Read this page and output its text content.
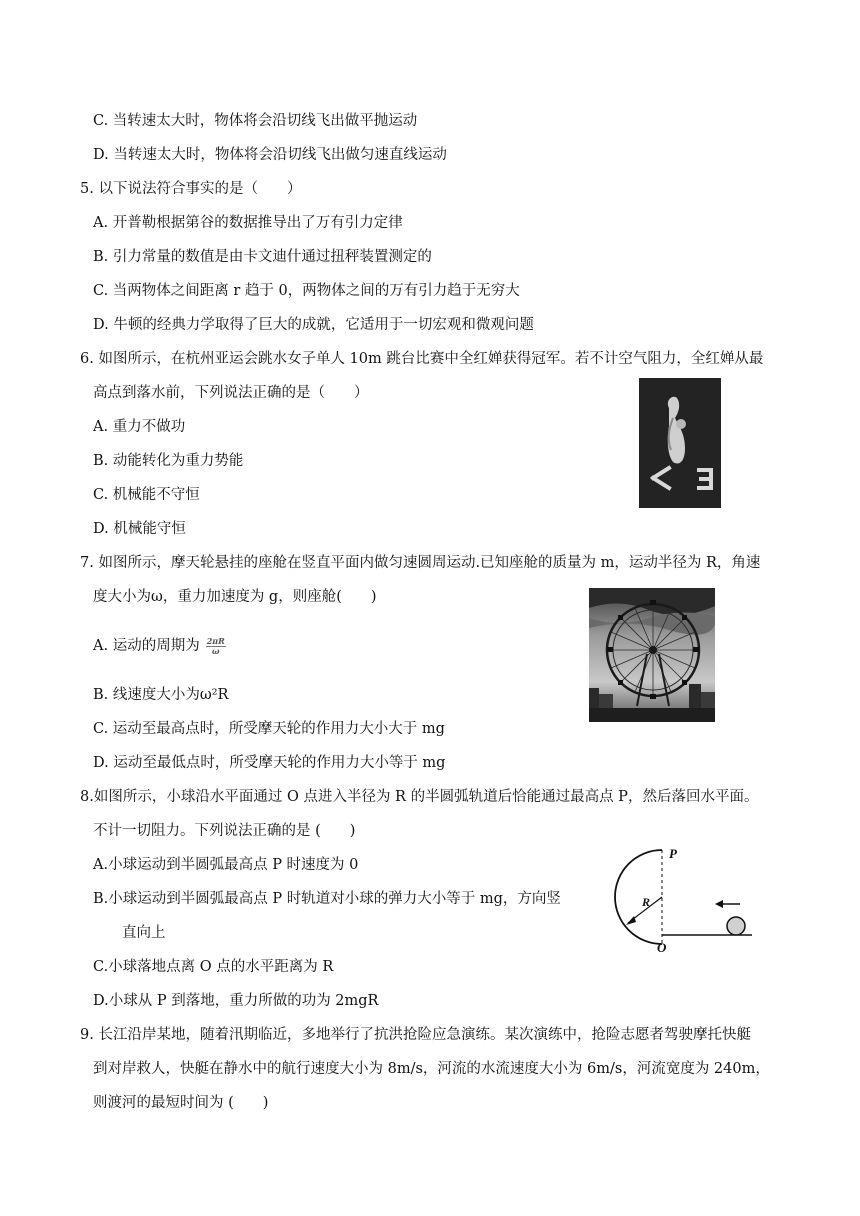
C. 当转速太大时，物体将会沿切线飞出做平抛运动
D. 当转速太大时，物体将会沿切线飞出做匀速直线运动
5. 以下说法符合事实的是（　　）
A. 开普勒根据第谷的数据推导出了万有引力定律
B. 引力常量的数值是由卡文迪什通过扭秤装置测定的
C. 当两物体之间距离 r 趋于 0，两物体之间的万有引力趋于无穷大
D. 牛顿的经典力学取得了巨大的成就，它适用于一切宏观和微观问题
6. 如图所示，在杭州亚运会跳水女子单人 10m 跳台比赛中全红婵获得冠军。若不计空气阻力，全红婵从最
高点到落水前，下列说法正确的是（　　）
A. 重力不做功
B. 动能转化为重力势能
C. 机械能不守恒
D. 机械能守恒
7. 如图所示，摩天轮悬挂的座舱在竖直平面内做匀速圆周运动.已知座舱的质量为 m，运动半径为 R，角速
度大小为ω，重力加速度为 g，则座舱(　　)
A. 运动的周期为 $\frac{2\pi R}{\omega}$
B. 线速度大小为ω²R
C. 运动至最高点时，所受摩天轮的作用力大小大于 mg
D. 运动至最低点时，所受摩天轮的作用力大小等于 mg
8.如图所示，小球沿水平面通过 O 点进入半径为 R 的半圆弧轨道后恰能通过最高点 P，然后落回水平面。
不计一切阻力。下列说法正确的是 (　　)
A.小球运动到半圆弧最高点 P 时速度为 0
B.小球运动到半圆弧最高点 P 时轨道对小球的弹力大小等于 mg，方向竖
直向上
C.小球落地点离 O 点的水平距离为 R
D.小球从 P 到落地，重力所做的功为 2mgR
P
R
O
9. 长江沿岸某地，随着汛期临近，多地举行了抗洪抢险应急演练。某次演练中，抢险志愿者驾驶摩托快艇
到对岸救人，快艇在静水中的航行速度大小为 8m/s，河流的水流速度大小为 6m/s，河流宽度为 240m，
则渡河的最短时间为 (　　)
